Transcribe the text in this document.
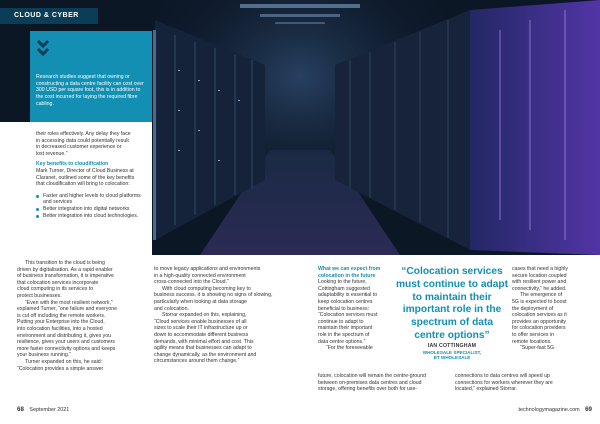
CLOUD & CYBER
Research studies suggest that owning or constructing a data centre facility can cost over 300 USD per square foot, this is in addition to the cost incurred for laying the required fibre cabling.
their roles effectively. Any delay they face
in accessing data could potentially result
in decreased customer experience or
lost revenue.”
Key benefits to cloudification
Mark Turner, Director of Cloud Business at
Claranet, outlined some of the key benefits
that cloudification will bring to colocation:
Faster and higher levels to cloud platforms
and services
Better integration into digital networks
Better integration into cloud technologies.

This transition to the cloud is being
driven by digitalisation. As a rapid enabler
of business transformation, it is imperative
that colocation services incorporate
cloud computing in its services to
protect businesses.

“Even with the most resilient network,”
explained Turner, “one failure and everyone
is cut off including the remote workers.
Putting your Enterprise into the Cloud,
into colocation facilities, into a hosted
environment and distributing it, gives you
resilience, gives your users and customers
more faster connectivity options and keeps
your business running.”

Turner expanded on this, he said:
“Colocation provides a simple answer

to move legacy applications and environments
in a high-quality connected environment
cross-connected into the Cloud.”

With cloud computing becoming key to
business success, it is showing no signs of slowing,
particularly when looking at data storage
and colocation.

Storrar expanded on this, explaining,
“Cloud services enable businesses of all
sizes to scale their IT infrastructure up or
down to accommodate different business
demands, with minimal effort and cost. This
agility means that businesses can adapt to
change dynamically, as the environment and
circumstances around them change.”

What we can expect from
colocation in the future

Looking to the future,
Cottingham suggested
adaptability is essential to
keep colocation centres
beneficial to business:
“Colocation services must
continue to adapt to
maintain their important
role in the spectrum of
data centre options.”

“For the foreseeable

“Colocation services must continue to adapt to maintain their important role in the spectrum of data centre options”
IAN COTTINGHAM
WHOLESALE SPECIALIST,
BT WHOLESALE

cases that need a highly
secure location coupled
with resilient power and
connectivity,” he added.

The emergence of
5G is expected to boost
the deployment of
colocation services as it
provides an opportunity
for colocation providers
to offer services in
remote locations.

“Super-fast 5G

future, colocation will remain the centre-ground
between on-premises data centres and cloud
storage, offering benefits over both for use-
connections to data centres will speed up
connections for workers wherever they are
located,” explained Storrar.
68 September 2021	technologymagazine.com 69
